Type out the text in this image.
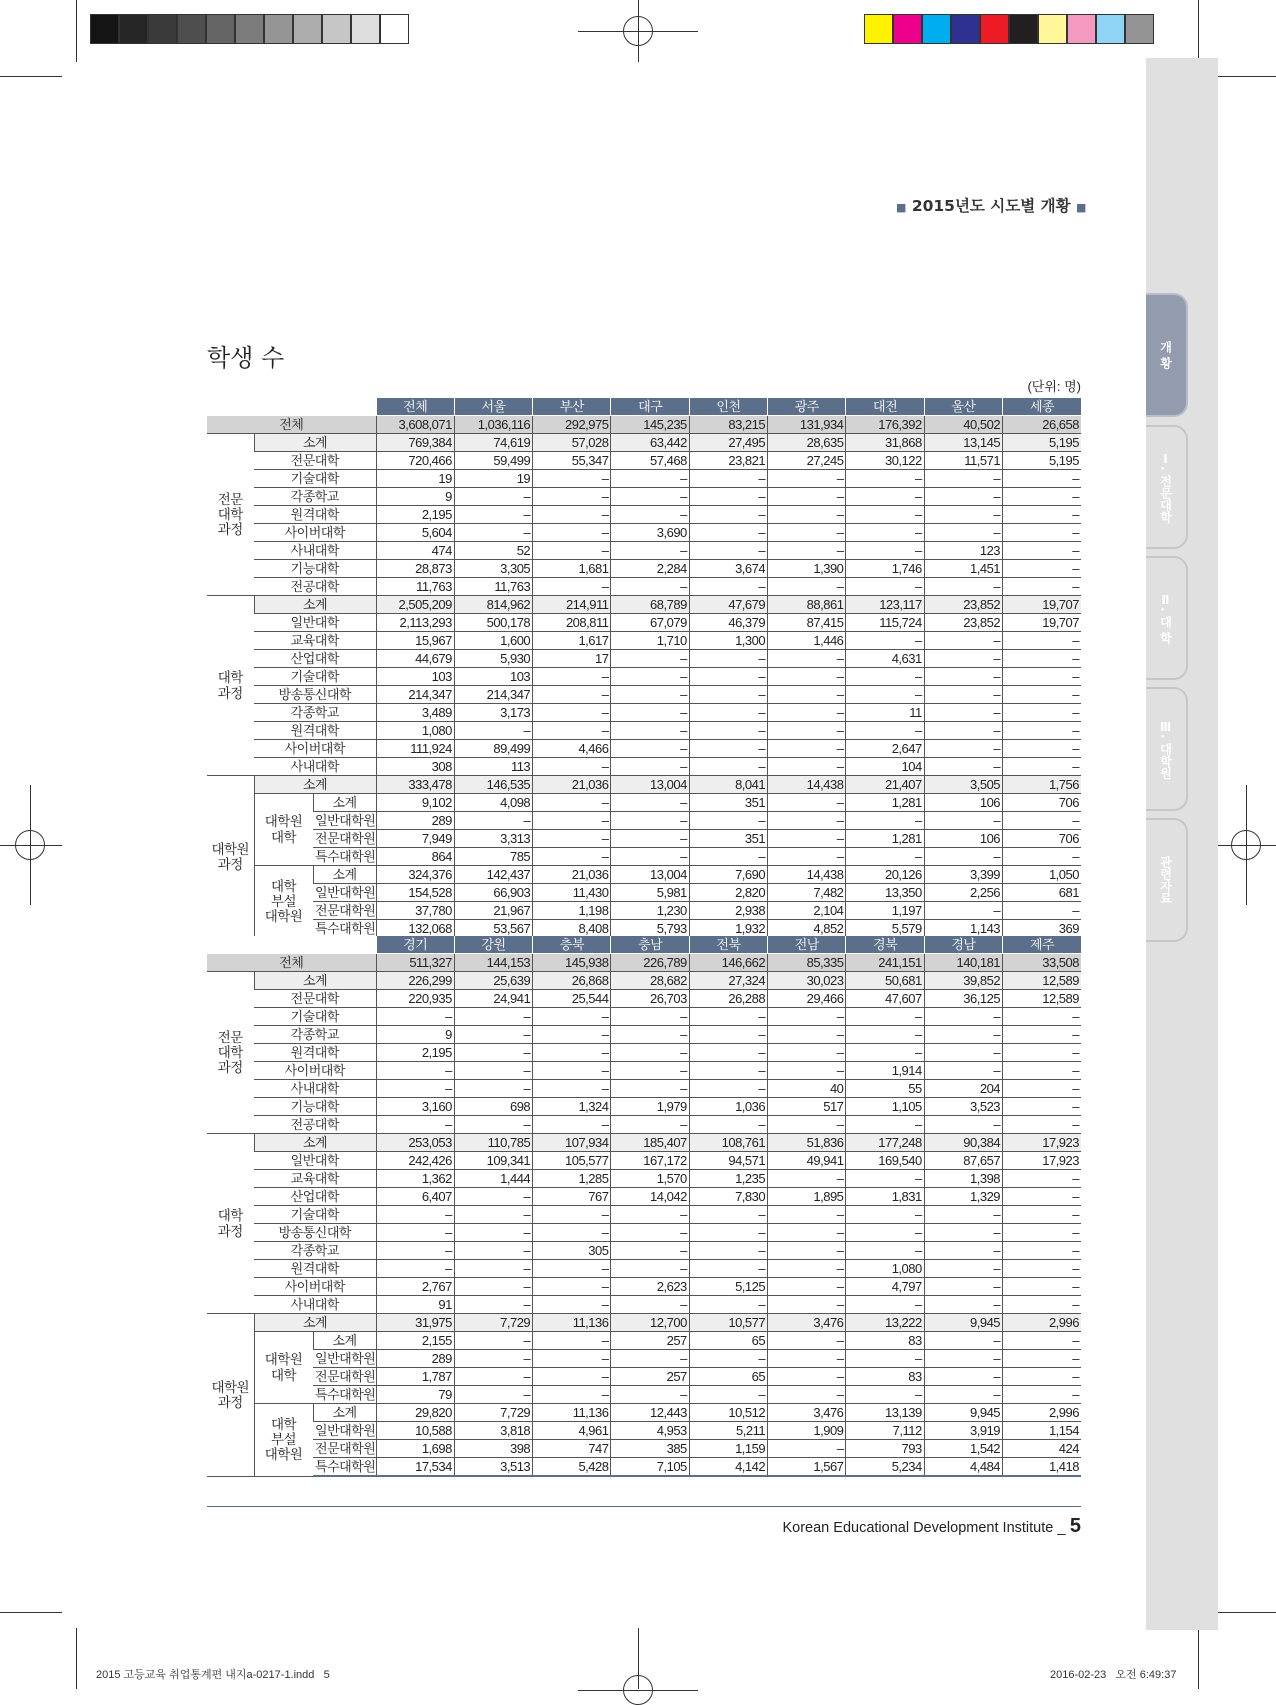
개 황
Ⅰ. 전문대학
Ⅱ. 대 학
Ⅲ. 대학원
관련자료
■ 2015년도 시도별 개황 ■
학생 수
(단위: 명)
			전체	서울	부산	대구	인천	광주	대전	울산	세종
전체			3,608,071	1,036,116	292,975	145,235	83,215	131,934	176,392	40,502	26,658
전문
대학
과정	소계		769,384	74,619	57,028	63,442	27,495	28,635	31,868	13,145	5,195
	전문대학		720,466	59,499	55,347	57,468	23,821	27,245	30,122	11,571	5,195
	기술대학		19	19	–	–	–	–	–	–	–
	각종학교		9	–	–	–	–	–	–	–	–
	원격대학		2,195	–	–	–	–	–	–	–	–
	사이버대학		5,604	–	–	3,690	–	–	–	–	–
	사내대학		474	52	–	–	–	–	–	123	–
	기능대학		28,873	3,305	1,681	2,284	3,674	1,390	1,746	1,451	–
	전공대학		11,763	11,763	–	–	–	–	–	–	–
대학
과정	소계		2,505,209	814,962	214,911	68,789	47,679	88,861	123,117	23,852	19,707
	일반대학		2,113,293	500,178	208,811	67,079	46,379	87,415	115,724	23,852	19,707
	교육대학		15,967	1,600	1,617	1,710	1,300	1,446	–	–	–
	산업대학		44,679	5,930	17	–	–	–	4,631	–	–
	기술대학		103	103	–	–	–	–	–	–	–
	방송통신대학		214,347	214,347	–	–	–	–	–	–	–
	각종학교		3,489	3,173	–	–	–	–	11	–	–
	원격대학		1,080	–	–	–	–	–	–	–	–
	사이버대학		111,924	89,499	4,466	–	–	–	2,647	–	–
	사내대학		308	113	–	–	–	–	104	–	–
대학원
과정	소계		333,478	146,535	21,036	13,004	8,041	14,438	21,407	3,505	1,756
	대학원
대학	소계	9,102	4,098	–	–	351	–	1,281	106	706
		일반대학원	289	–	–	–	–	–	–	–	–
		전문대학원	7,949	3,313	–	–	351	–	1,281	106	706
		특수대학원	864	785	–	–	–	–	–	–	–
	대학
부설
대학원	소계	324,376	142,437	21,036	13,004	7,690	14,438	20,126	3,399	1,050
		일반대학원	154,528	66,903	11,430	5,981	2,820	7,482	13,350	2,256	681
		전문대학원	37,780	21,967	1,198	1,230	2,938	2,104	1,197	–	–
		특수대학원	132,068	53,567	8,408	5,793	1,932	4,852	5,579	1,143	369
			경기	강원	충북	충남	전북	전남	경북	경남	제주
전체			511,327	144,153	145,938	226,789	146,662	85,335	241,151	140,181	33,508
전문
대학
과정	소계		226,299	25,639	26,868	28,682	27,324	30,023	50,681	39,852	12,589
	전문대학		220,935	24,941	25,544	26,703	26,288	29,466	47,607	36,125	12,589
	기술대학		–	–	–	–	–	–	–	–	–
	각종학교		9	–	–	–	–	–	–	–	–
	원격대학		2,195	–	–	–	–	–	–	–	–
	사이버대학		–	–	–	–	–	–	1,914	–	–
	사내대학		–	–	–	–	–	40	55	204	–
	기능대학		3,160	698	1,324	1,979	1,036	517	1,105	3,523	–
	전공대학		–	–	–	–	–	–	–	–	–
대학
과정	소계		253,053	110,785	107,934	185,407	108,761	51,836	177,248	90,384	17,923
	일반대학		242,426	109,341	105,577	167,172	94,571	49,941	169,540	87,657	17,923
	교육대학		1,362	1,444	1,285	1,570	1,235	–	–	1,398	–
	산업대학		6,407	–	767	14,042	7,830	1,895	1,831	1,329	–
	기술대학		–	–	–	–	–	–	–	–	–
	방송통신대학		–	–	–	–	–	–	–	–	–
	각종학교		–	–	305	–	–	–	–	–	–
	원격대학		–	–	–	–	–	–	1,080	–	–
	사이버대학		2,767	–	–	2,623	5,125	–	4,797	–	–
	사내대학		91	–	–	–	–	–	–	–	–
대학원
과정	소계		31,975	7,729	11,136	12,700	10,577	3,476	13,222	9,945	2,996
	대학원
대학	소계	2,155	–	–	257	65	–	83	–	–
		일반대학원	289	–	–	–	–	–	–	–	–
		전문대학원	1,787	–	–	257	65	–	83	–	–
		특수대학원	79	–	–	–	–	–	–	–	–
	대학
부설
대학원	소계	29,820	7,729	11,136	12,443	10,512	3,476	13,139	9,945	2,996
		일반대학원	10,588	3,818	4,961	4,953	5,211	1,909	7,112	3,919	1,154
		전문대학원	1,698	398	747	385	1,159	–	793	1,542	424
		특수대학원	17,534	3,513	5,428	7,105	4,142	1,567	5,234	4,484	1,418
Korean Educational Development Institute _ 5
2015 고등교육 취업통계편 내지a-0217-1.indd   5	2016-02-23   오전 6:49:37
